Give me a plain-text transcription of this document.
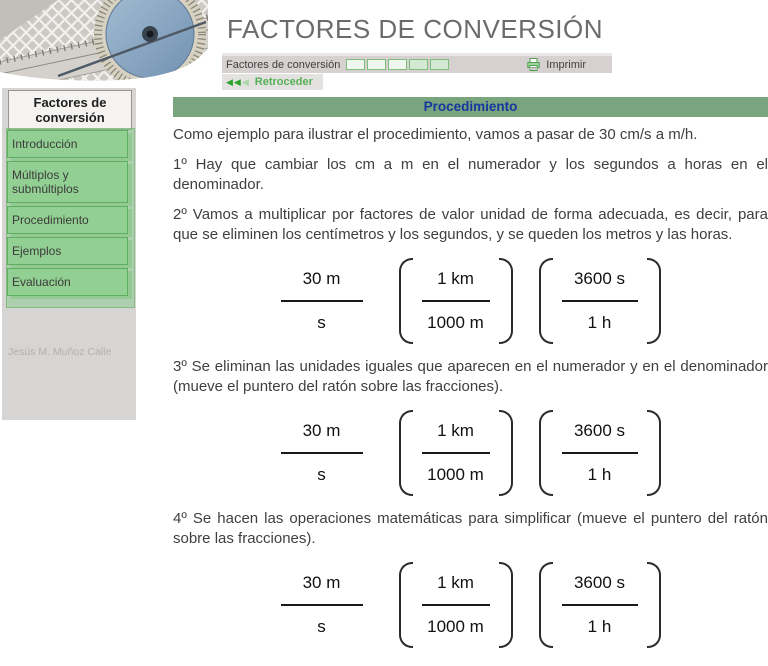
FACTORES DE CONVERSIÓN
Factores de conversión	Imprimir
◀ ◀ ◀ Retroceder
Factores de conversión
Introducción
Múltiplos y submúltiplos
Procedimiento
Ejemplos
Evaluación
Jesús M. Muñoz Calle
Procedimiento

Como ejemplo para ilustrar el procedimiento, vamos a pasar de 30 cm/s a m/h.

1º Hay que cambiar los cm a m en el numerador y los segundos a horas en el denominador.

2º Vamos a multiplicar por factores de valor unidad de forma adecuada, es decir, para que se eliminen los centímetros y los segundos, y se queden los metros y las horas.

$\frac{30 m}{s}$	$\frac{1 km}{1000 m}$	$\frac{3600 s}{1 h}$

3º Se eliminan las unidades iguales que aparecen en el numerador y en el denominador (mueve el puntero del ratón sobre las fracciones).

$\frac{30 m}{s}$	$\frac{1 km}{1000 m}$	$\frac{3600 s}{1 h}$

4º Se hacen las operaciones matemáticas para simplificar (mueve el puntero del ratón sobre las fracciones).

$\frac{30 m}{s}$	$\frac{1 km}{1000 m}$	$\frac{3600 s}{1 h}$
